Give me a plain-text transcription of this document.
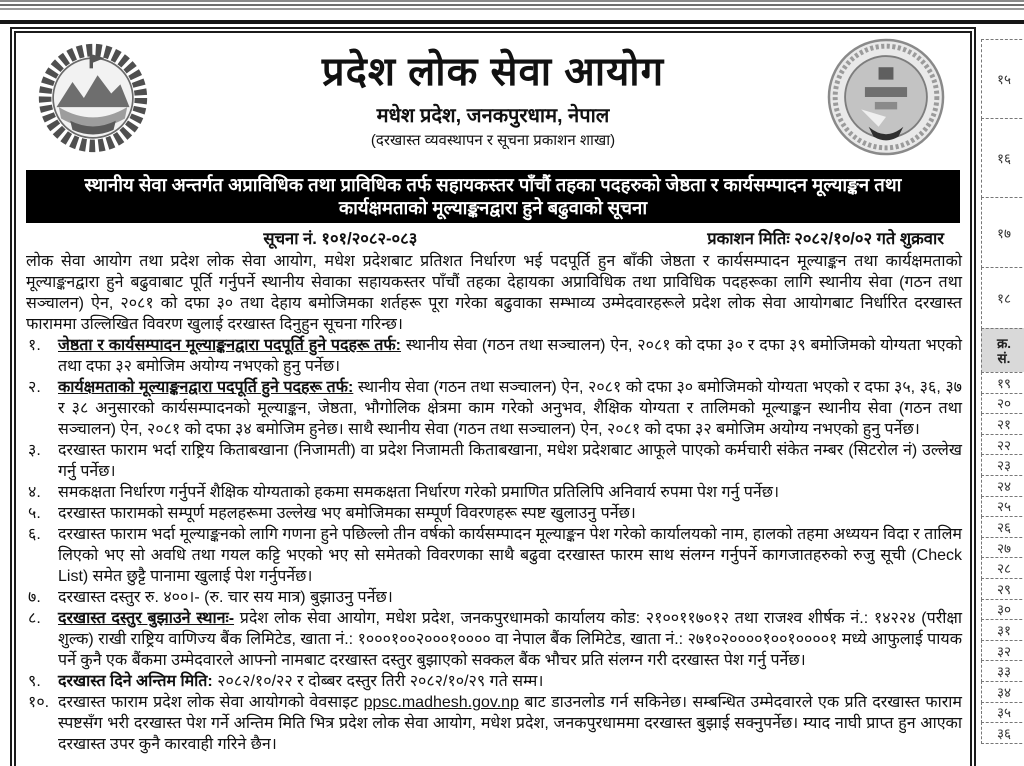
प्रदेश लोक सेवा आयोग
मधेश प्रदेश, जनकपुरधाम, नेपाल
(दरखास्त व्यवस्थापन र सूचना प्रकाशन शाखा)
स्थानीय सेवा अन्तर्गत अप्राविधिक तथा प्राविधिक तर्फ सहायकस्तर पाँचौं तहका पदहरुको जेष्ठता र कार्यसम्पादन मूल्याङ्कन तथा
कार्यक्षमताको मूल्याङ्कनद्वारा हुने बढुवाको सूचना
सूचना नं. १०१/२०८२-०८३	प्रकाशन मितिः २०८२/१०/०२ गते शुक्रवार
लोक सेवा आयोग तथा प्रदेश लोक सेवा आयोग, मधेश प्रदेशबाट प्रतिशत निर्धारण भई पदपूर्ति हुन बाँकी जेष्ठता र कार्यसम्पादन मूल्याङ्कन तथा कार्यक्षमताको मूल्याङ्कनद्वारा हुने बढुवाबाट पूर्ति गर्नुपर्ने स्थानीय सेवाका सहायकस्तर पाँचौं तहका देहायका अप्राविधिक तथा प्राविधिक पदहरूका लागि स्थानीय सेवा (गठन तथा सञ्चालन) ऐन, २०८१ को दफा ३० तथा देहाय बमोजिमका शर्तहरू पूरा गरेका बढुवाका सम्भाव्य उम्मेदवारहरूले प्रदेश लोक सेवा आयोगबाट निर्धारित दरखास्त फाराममा उल्लिखित विवरण खुलाई दरखास्त दिनुहुन सूचना गरिन्छ।
१.	जेष्ठता र कार्यसम्पादन मूल्याङ्कनद्वारा पदपूर्ति हुने पदहरू तर्फ: स्थानीय सेवा (गठन तथा सञ्चालन) ऐन, २०८१ को दफा ३० र दफा ३९ बमोजिमको योग्यता भएको तथा दफा ३२ बमोजिम अयोग्य नभएको हुनु पर्नेछ।
२.	कार्यक्षमताको मूल्याङ्कनद्वारा पदपूर्ति हुने पदहरू तर्फ: स्थानीय सेवा (गठन तथा सञ्चालन) ऐन, २०८१ को दफा ३० बमोजिमको योग्यता भएको र दफा ३५, ३६, ३७ र ३८ अनुसारको कार्यसम्पादनको मूल्याङ्कन, जेष्ठता, भौगोलिक क्षेत्रमा काम गरेको अनुभव, शैक्षिक योग्यता र तालिमको मूल्याङ्कन स्थानीय सेवा (गठन तथा सञ्चालन) ऐन, २०८१ को दफा ३४ बमोजिम हुनेछ। साथै स्थानीय सेवा (गठन तथा सञ्चालन) ऐन, २०८१ को दफा ३२ बमोजिम अयोग्य नभएको हुनु पर्नेछ।
३.	दरखास्त फाराम भर्दा राष्ट्रिय किताबखाना (निजामती) वा प्रदेश निजामती किताबखाना, मधेश प्रदेशबाट आफूले पाएको कर्मचारी संकेत नम्बर (सिटरोल नं) उल्लेख गर्नु पर्नेछ।
४.	समकक्षता निर्धारण गर्नुपर्ने शैक्षिक योग्यताको हकमा समकक्षता निर्धारण गरेको प्रमाणित प्रतिलिपि अनिवार्य रुपमा पेश गर्नु पर्नेछ।
५.	दरखास्त फारामको सम्पूर्ण महलहरूमा उल्लेख भए बमोजिमका सम्पूर्ण विवरणहरू स्पष्ट खुलाउनु पर्नेछ।
६.	दरखास्त फाराम भर्दा मूल्याङ्कनको लागि गणना हुने पछिल्लो तीन वर्षको कार्यसम्पादन मूल्याङ्कन पेश गरेको कार्यालयको नाम, हालको तहमा अध्ययन विदा र तालिम लिएको भए सो अवधि तथा गयल कट्टि भएको भए सो समेतको विवरणका साथै बढुवा दरखास्त फारम साथ संलग्न गर्नुपर्ने कागजातहरुको रुजु सूची (Check List) समेत छुट्टै पानामा खुलाई पेश गर्नुपर्नेछ।
७.	दरखास्त दस्तुर रु. ४००।- (रु. चार सय मात्र) बुझाउनु पर्नेछ।
८.	दरखास्त दस्तुर बुझाउने स्थानः- प्रदेश लोक सेवा आयोग, मधेश प्रदेश, जनकपुरधामको कार्यालय कोड: २१००११७०१२ तथा राजश्व शीर्षक नं.: १४२२४ (परीक्षा शुल्क) राखी राष्ट्रिय वाणिज्य बैंक लिमिटेड, खाता नं.: १०००१००२०००१०००० वा नेपाल बैंक लिमिटेड, खाता नं.: २७१०२००००१००१००००१ मध्ये आफुलाई पायक पर्ने कुनै एक बैंकमा उम्मेदवारले आफ्नो नामबाट दरखास्त दस्तुर बुझाएको सक्कल बैंक भौचर प्रति संलग्न गरी दरखास्त पेश गर्नु पर्नेछ।
९.	दरखास्त दिने अन्तिम मिति: २०८२/१०/२२ र दोब्बर दस्तुर तिरी २०८२/१०/२९ गते सम्म।
१०. दरखास्त फाराम प्रदेश लोक सेवा आयोगको वेवसाइट ppsc.madhesh.gov.np बाट डाउनलोड गर्न सकिनेछ। सम्बन्धित उम्मेदवारले एक प्रति दरखास्त फाराम स्पष्टसँग भरी दरखास्त पेश गर्ने अन्तिम मिति भित्र प्रदेश लोक सेवा आयोग, मधेश प्रदेश, जनकपुरधाममा दरखास्त बुझाई सक्नुपर्नेछ। म्याद नाघी प्राप्त हुन आएका दरखास्त उपर कुनै कारवाही गरिने छैन।
१५
१६
१७
१८
क्र.
सं.
१९
२०
२१
२२
२३
२४
२५
२६
२७
२८
२९
३०
३१
३२
३३
३४
३५
३६
